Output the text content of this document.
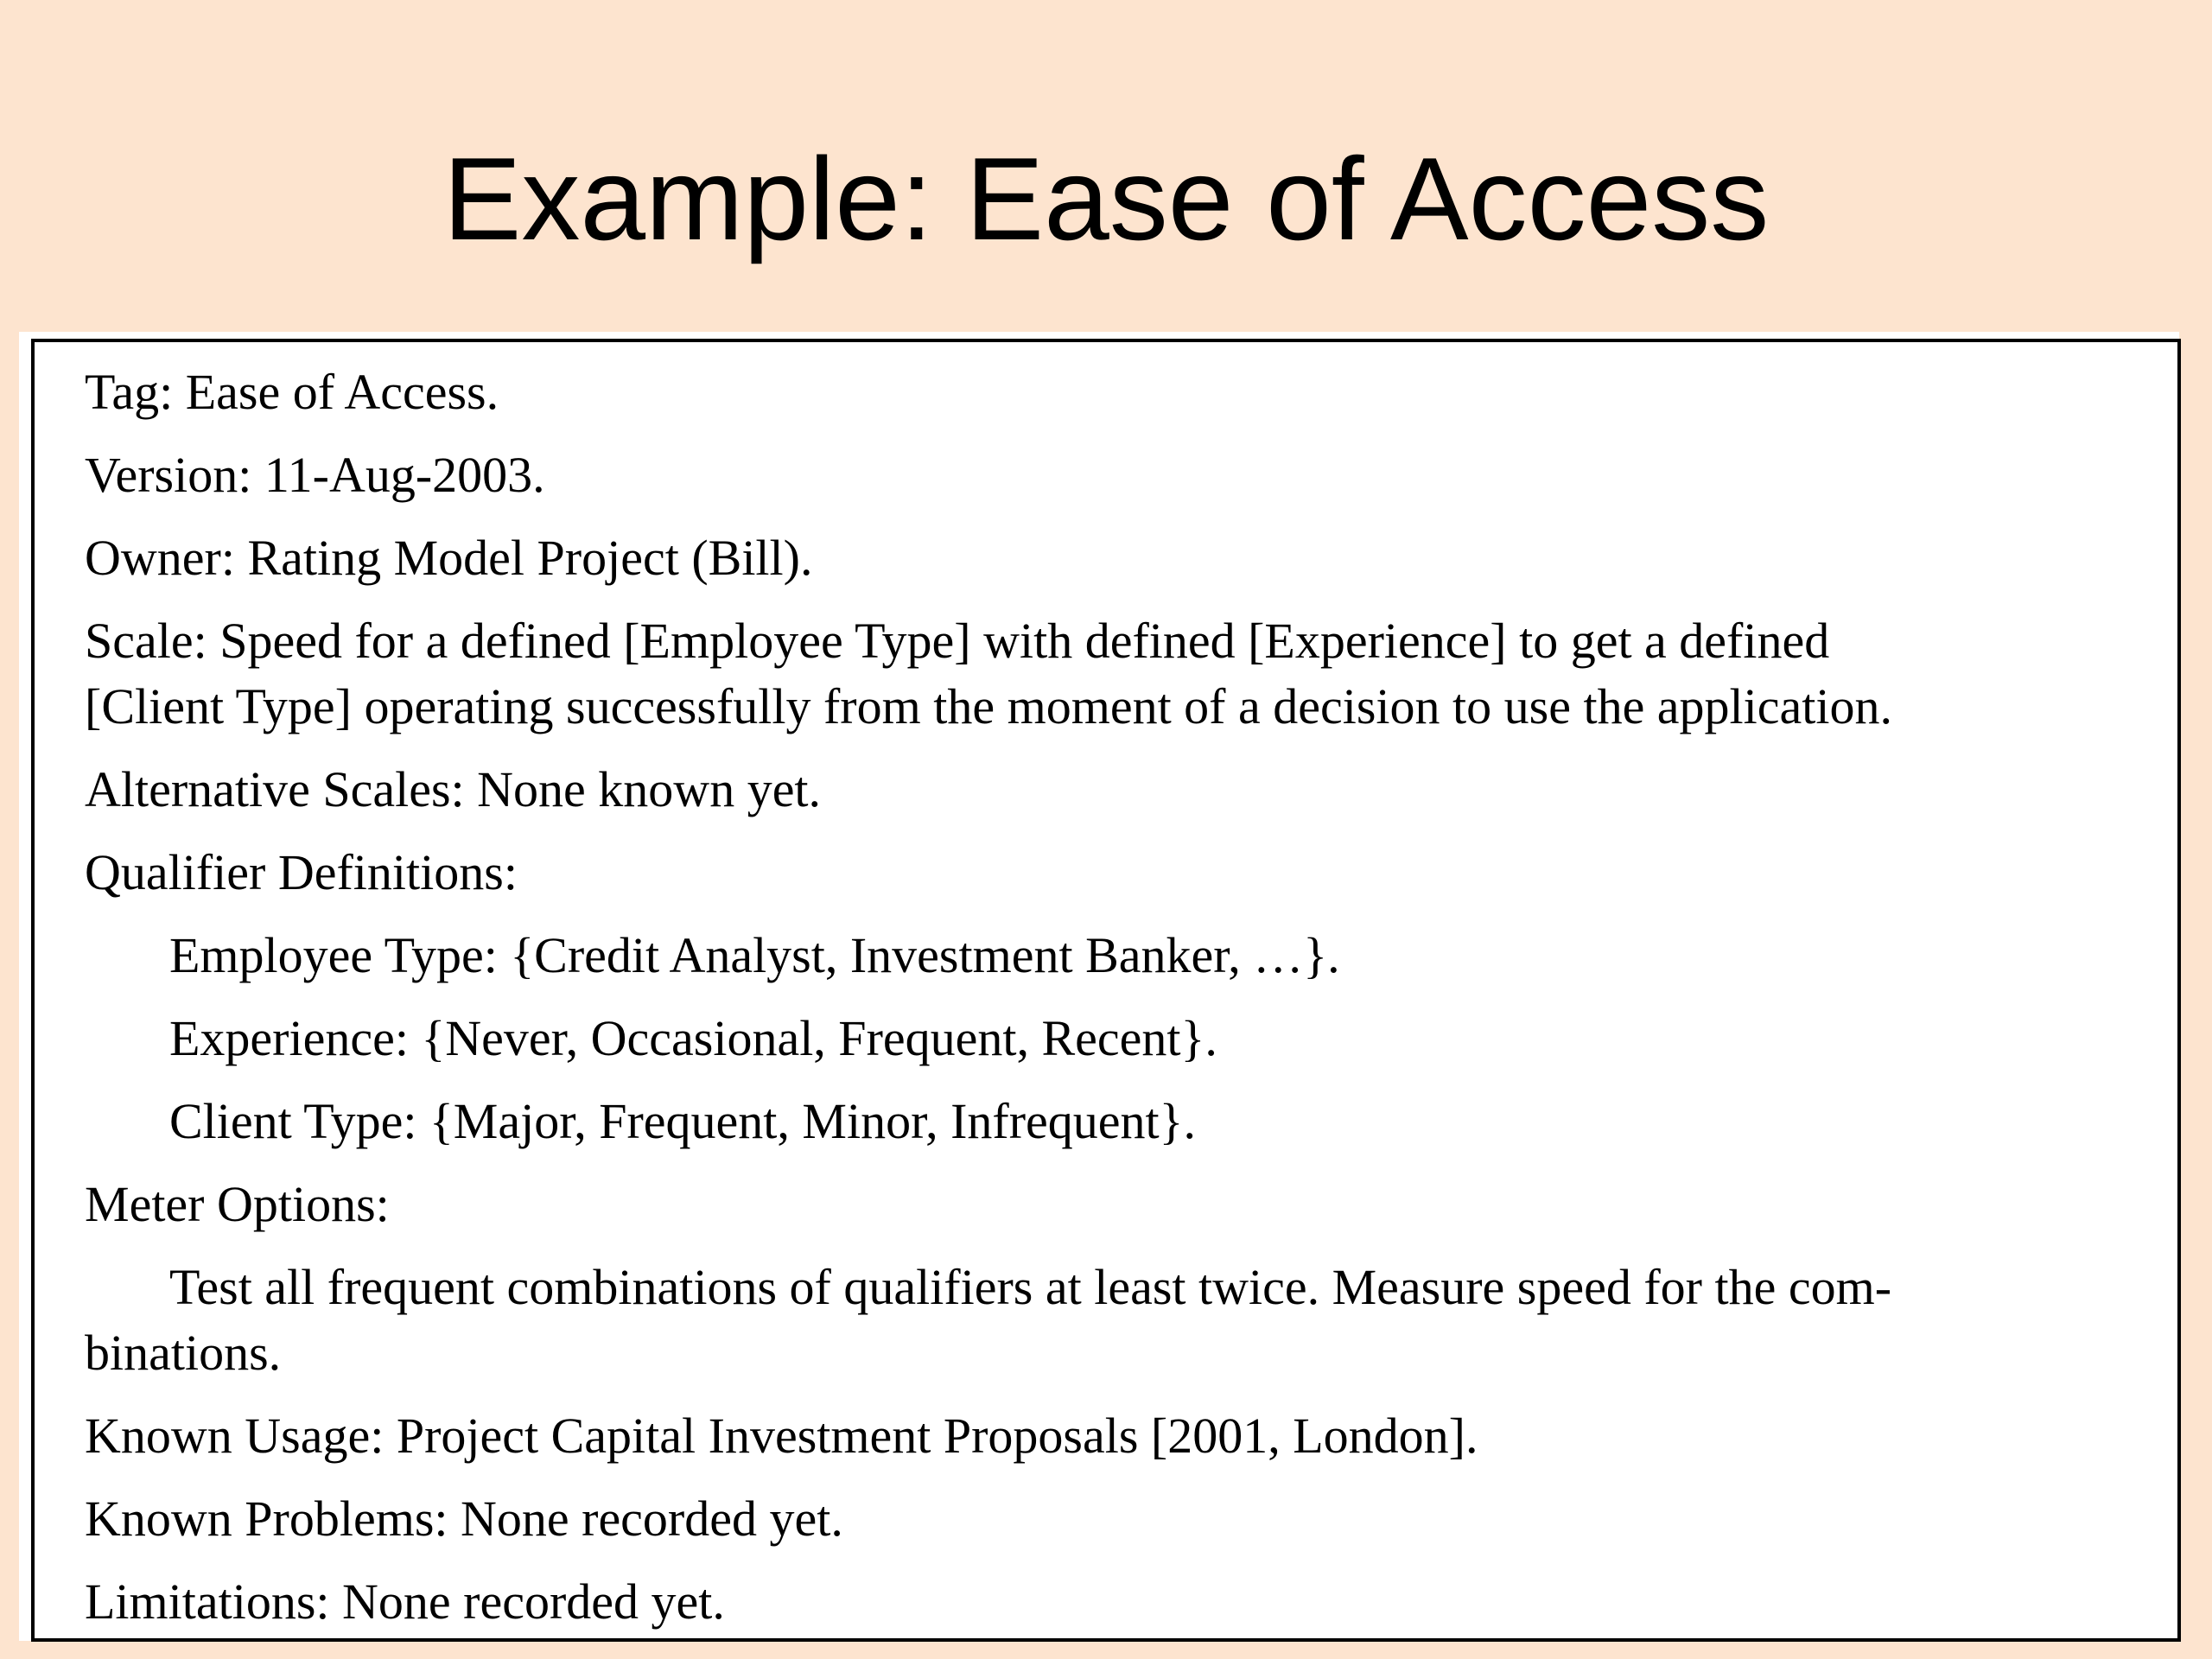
Example: Ease of Access
Tag: Ease of Access.
Version: 11-Aug-2003.
Owner: Rating Model Project (Bill).
Scale: Speed for a defined [Employee Type] with defined [Experience] to get a defined
[Client Type] operating successfully from the moment of a decision to use the application.
Alternative Scales: None known yet.
Qualifier Definitions:
Employee Type: {Credit Analyst, Investment Banker, …}.
Experience: {Never, Occasional, Frequent, Recent}.
Client Type: {Major, Frequent, Minor, Infrequent}.
Meter Options:
Test all frequent combinations of qualifiers at least twice. Measure speed for the com-
binations.
Known Usage: Project Capital Investment Proposals [2001, London].
Known Problems: None recorded yet.
Limitations: None recorded yet.
